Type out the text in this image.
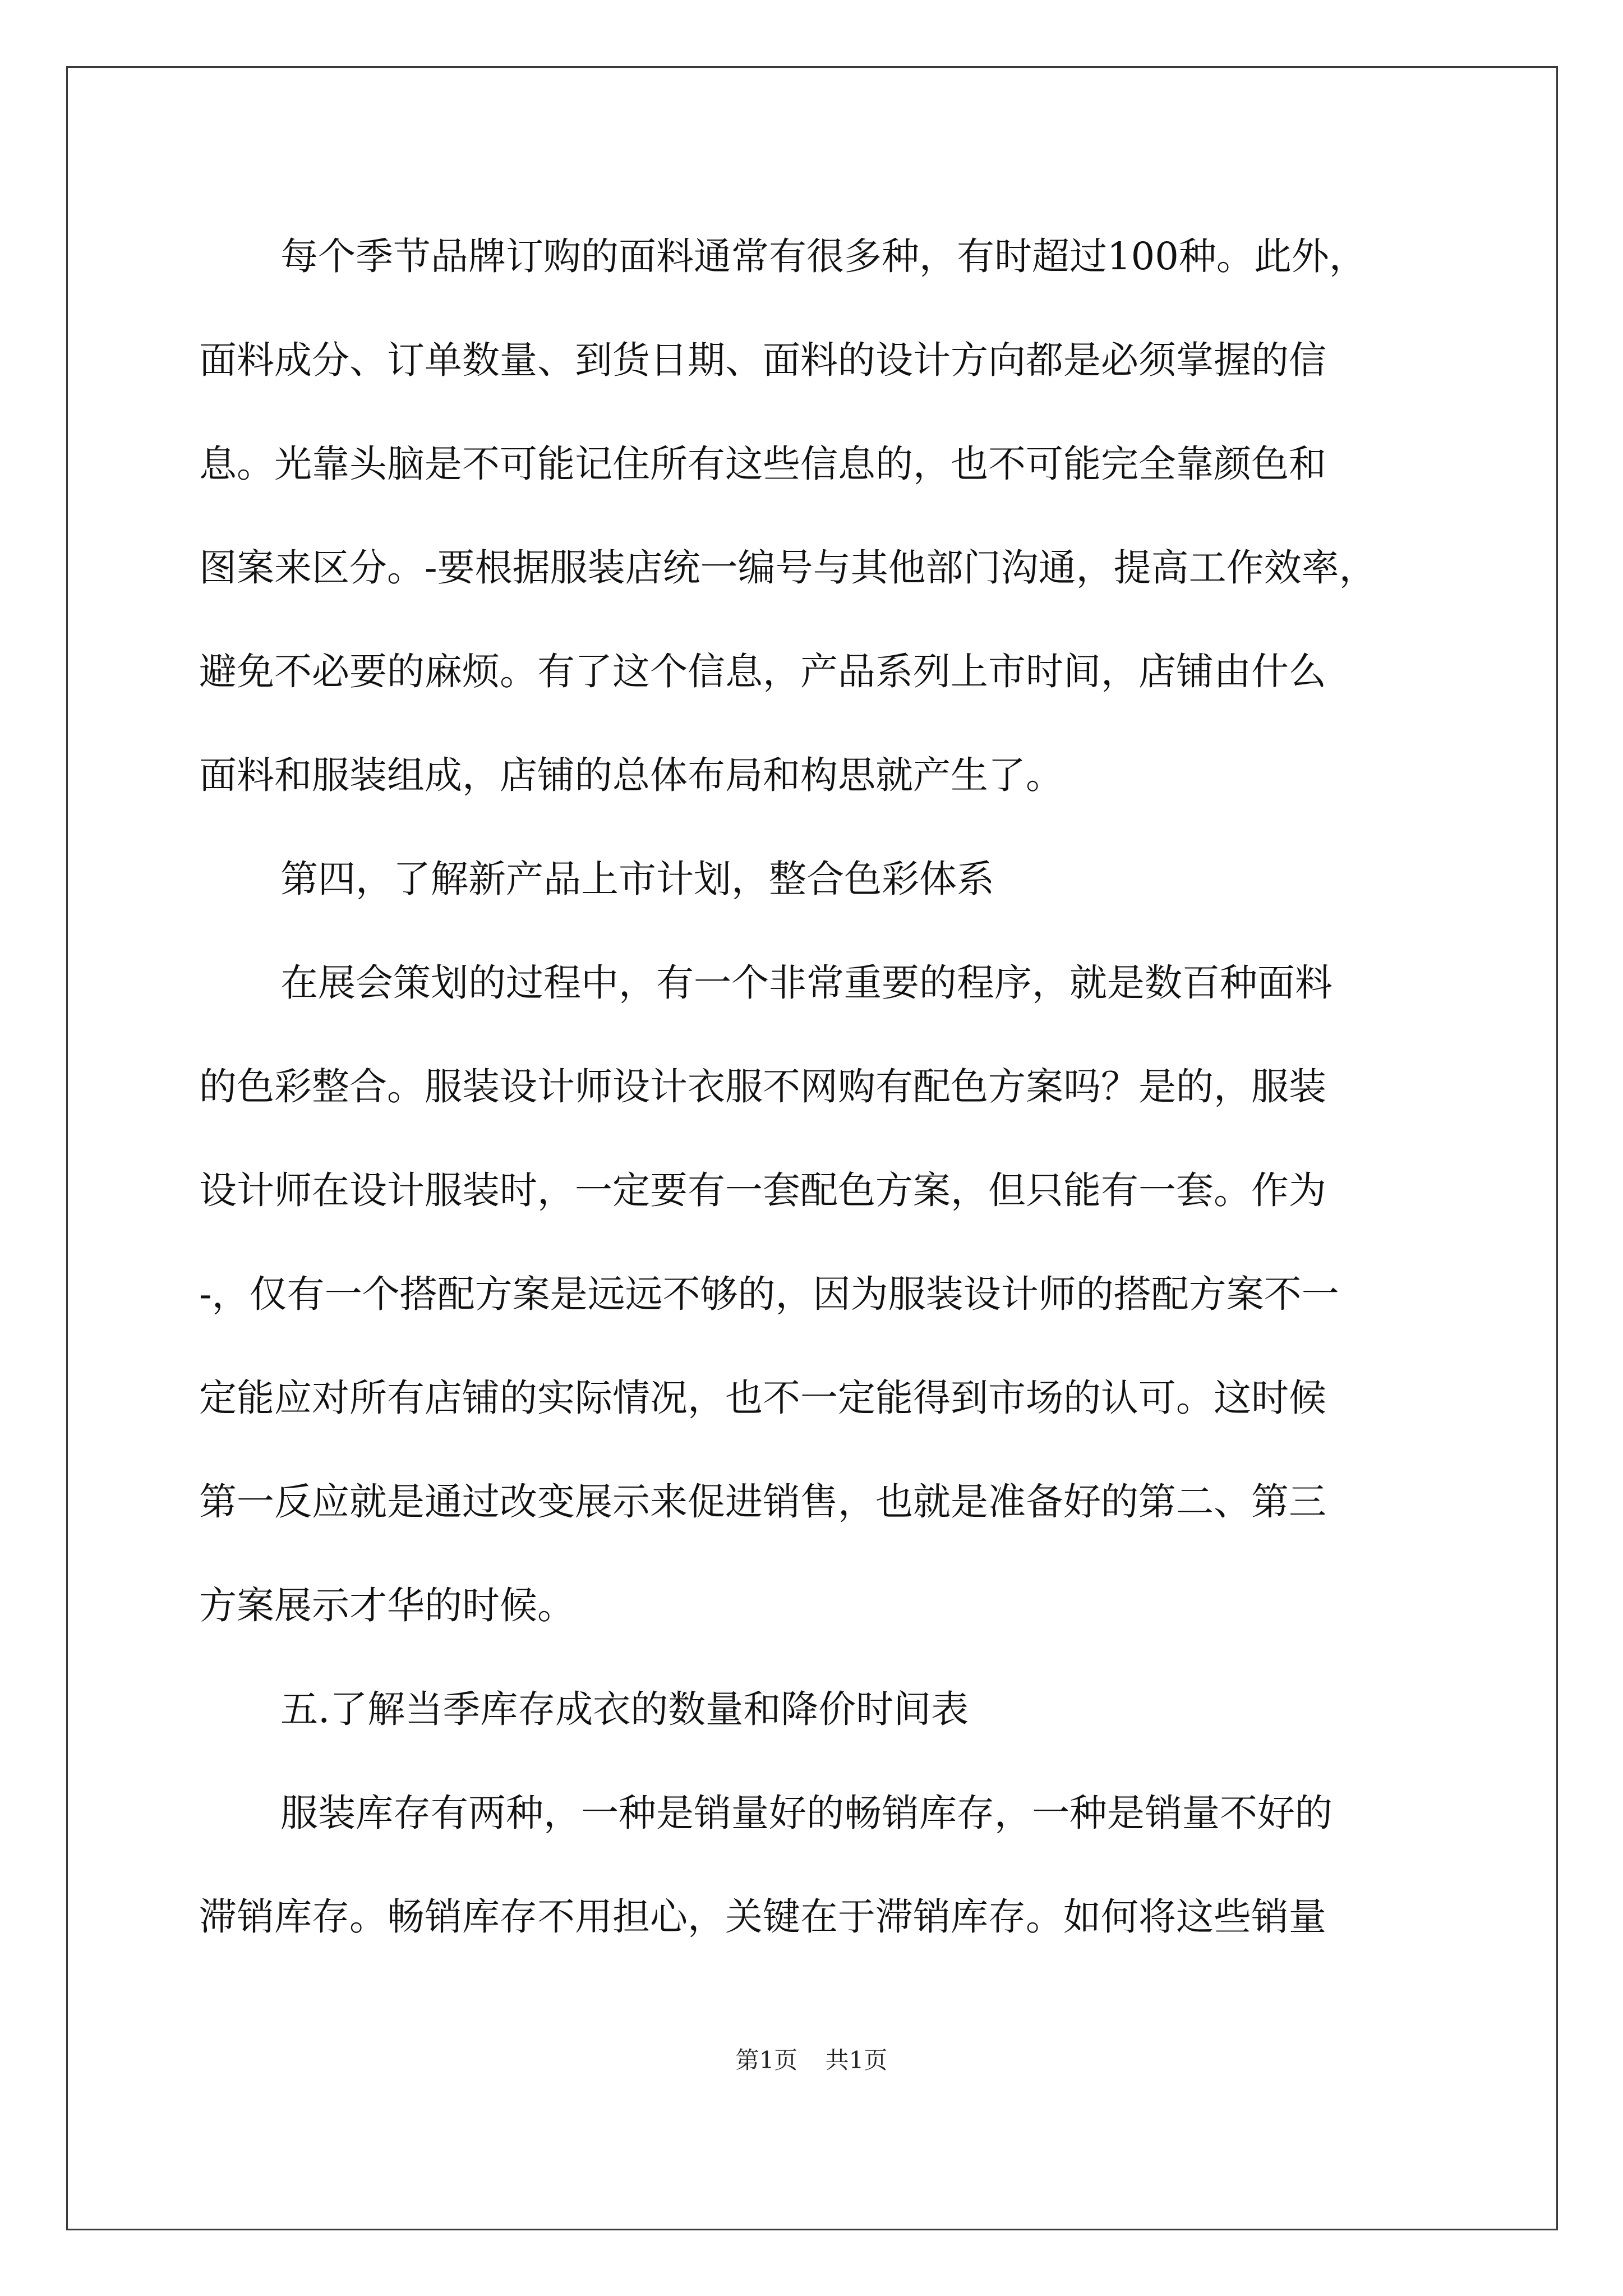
每个季节品牌订购的面料通常有很多种，有时超过100种。此外，
面料成分、订单数量、到货日期、面料的设计方向都是必须掌握的信
息。光靠头脑是不可能记住所有这些信息的，也不可能完全靠颜色和
图案来区分。-要根据服装店统一编号与其他部门沟通，提高工作效率，
避免不必要的麻烦。有了这个信息，产品系列上市时间，店铺由什么
面料和服装组成，店铺的总体布局和构思就产生了。
第四，了解新产品上市计划，整合色彩体系
在展会策划的过程中，有一个非常重要的程序，就是数百种面料
的色彩整合。服装设计师设计衣服不网购有配色方案吗？是的，服装
设计师在设计服装时，一定要有一套配色方案，但只能有一套。作为
-，仅有一个搭配方案是远远不够的，因为服装设计师的搭配方案不一
定能应对所有店铺的实际情况，也不一定能得到市场的认可。这时候
第一反应就是通过改变展示来促进销售，也就是准备好的第二、第三
方案展示才华的时候。
五.了解当季库存成衣的数量和降价时间表
服装库存有两种，一种是销量好的畅销库存，一种是销量不好的
滞销库存。畅销库存不用担心，关键在于滞销库存。如何将这些销量
第1页 共1页
